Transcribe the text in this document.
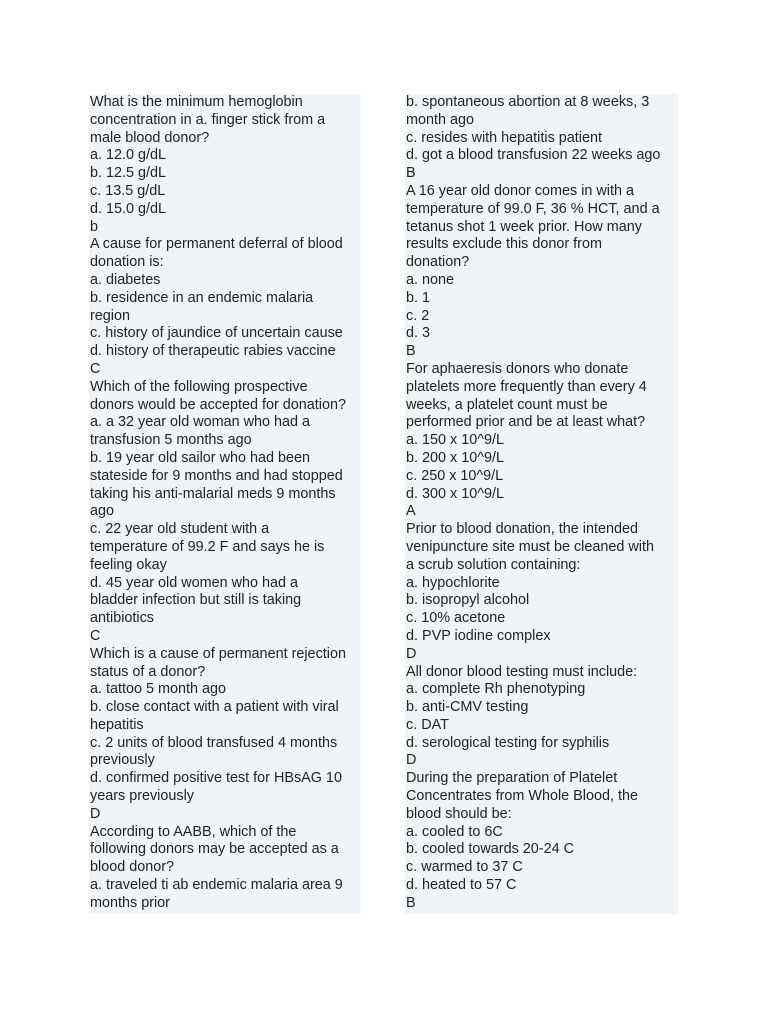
What is the minimum hemoglobin
concentration in a. finger stick from a
male blood donor?
a. 12.0 g/dL
b. 12.5 g/dL
c. 13.5 g/dL
d. 15.0 g/dL
b
A cause for permanent deferral of blood
donation is:
a. diabetes
b. residence in an endemic malaria
region
c. history of jaundice of uncertain cause
d. history of therapeutic rabies vaccine
C
Which of the following prospective
donors would be accepted for donation?
a. a 32 year old woman who had a
transfusion 5 months ago
b. 19 year old sailor who had been
stateside for 9 months and had stopped
taking his anti-malarial meds 9 months
ago
c. 22 year old student with a
temperature of 99.2 F and says he is
feeling okay
d. 45 year old women who had a
bladder infection but still is taking
antibiotics
C
Which is a cause of permanent rejection
status of a donor?
a. tattoo 5 month ago
b. close contact with a patient with viral
hepatitis
c. 2 units of blood transfused 4 months
previously
d. confirmed positive test for HBsAG 10
years previously
D
According to AABB, which of the
following donors may be accepted as a
blood donor?
a. traveled ti ab endemic malaria area 9
months prior
b. spontaneous abortion at 8 weeks, 3
month ago
c. resides with hepatitis patient
d. got a blood transfusion 22 weeks ago
B
A 16 year old donor comes in with a
temperature of 99.0 F, 36 % HCT, and a
tetanus shot 1 week prior. How many
results exclude this donor from
donation?
a. none
b. 1
c. 2
d. 3
B
For aphaeresis donors who donate
platelets more frequently than every 4
weeks, a platelet count must be
performed prior and be at least what?
a. 150 x 10^9/L
b. 200 x 10^9/L
c. 250 x 10^9/L
d. 300 x 10^9/L
A
Prior to blood donation, the intended
venipuncture site must be cleaned with
a scrub solution containing:
a. hypochlorite
b. isopropyl alcohol
c. 10% acetone
d. PVP iodine complex
D
All donor blood testing must include:
a. complete Rh phenotyping
b. anti-CMV testing
c. DAT
d. serological testing for syphilis
D
During the preparation of Platelet
Concentrates from Whole Blood, the
blood should be:
a. cooled to 6C
b. cooled towards 20-24 C
c. warmed to 37 C
d. heated to 57 C
B
